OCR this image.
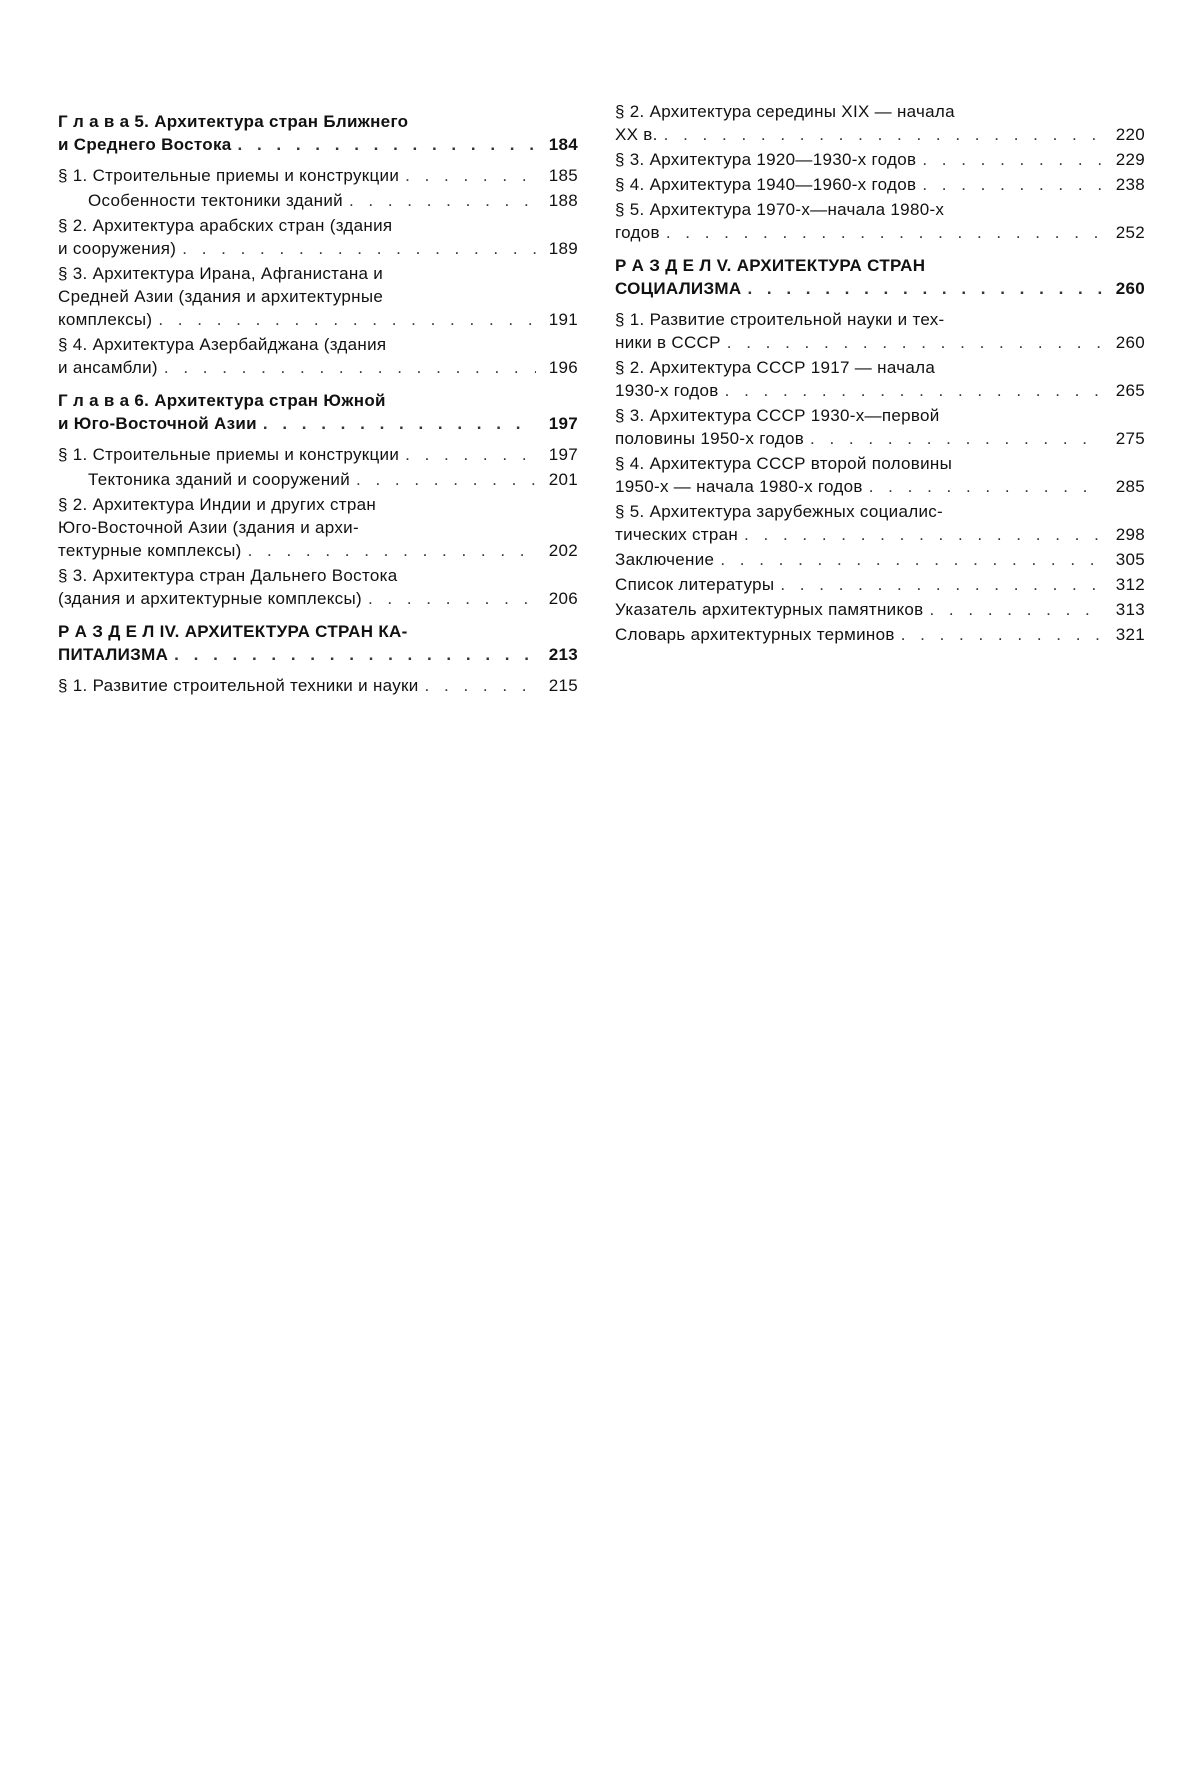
Г л а в а 5. Архитектура стран Ближнего
и Среднего Востока . . .	184
§ 1. Строительные приемы и конструкции . . .	185
Особенности тектоники зданий . . .	188
§ 2. Архитектура арабских стран (здания
и сооружения) . . .	189
§ 3. Архитектура Ирана, Афганистана и
Средней Азии (здания и архитектурные
комплексы) . . .	191
§ 4. Архитектура Азербайджана (здания
и ансамбли) . . .	196
Г л а в а 6. Архитектура стран Южной
и Юго-Восточной Азии . . .	197
§ 1. Строительные приемы и конструкции . . .	197
Тектоника зданий и сооружений . . .	201
§ 2. Архитектура Индии и других стран
Юго-Восточной Азии (здания и архи-
тектурные комплексы) . . .	202
§ 3. Архитектура стран Дальнего Востока
(здания и архитектурные комплексы) . . .	206
Р А З Д Е Л IV. АРХИТЕКТУРА СТРАН КА-
ПИТАЛИЗМА . . .	213
§ 1. Развитие строительной техники и науки . . .	215
§ 2. Архитектура середины XIX — начала
XX в. . . .	220
§ 3. Архитектура 1920—1930-х годов . . .	229
§ 4. Архитектура 1940—1960-х годов . . .	238
§ 5. Архитектура 1970-х—начала 1980-х
годов . . .	252
Р А З Д Е Л V. АРХИТЕКТУРА СТРАН
СОЦИАЛИЗМА . . .	260
§ 1. Развитие строительной науки и тех-
ники в СССР . . .	260
§ 2. Архитектура СССР 1917 — начала
1930-х годов . . .	265
§ 3. Архитектура СССР 1930-х—первой
половины 1950-х годов . . .	275
§ 4. Архитектура СССР второй половины
1950-х — начала 1980-х годов . . .	285
§ 5. Архитектура зарубежных социалис-
тических стран . . .	298
Заключение . . .	305
Список литературы . . .	312
Указатель архитектурных памятников . . .	313
Словарь архитектурных терминов . . .	321
